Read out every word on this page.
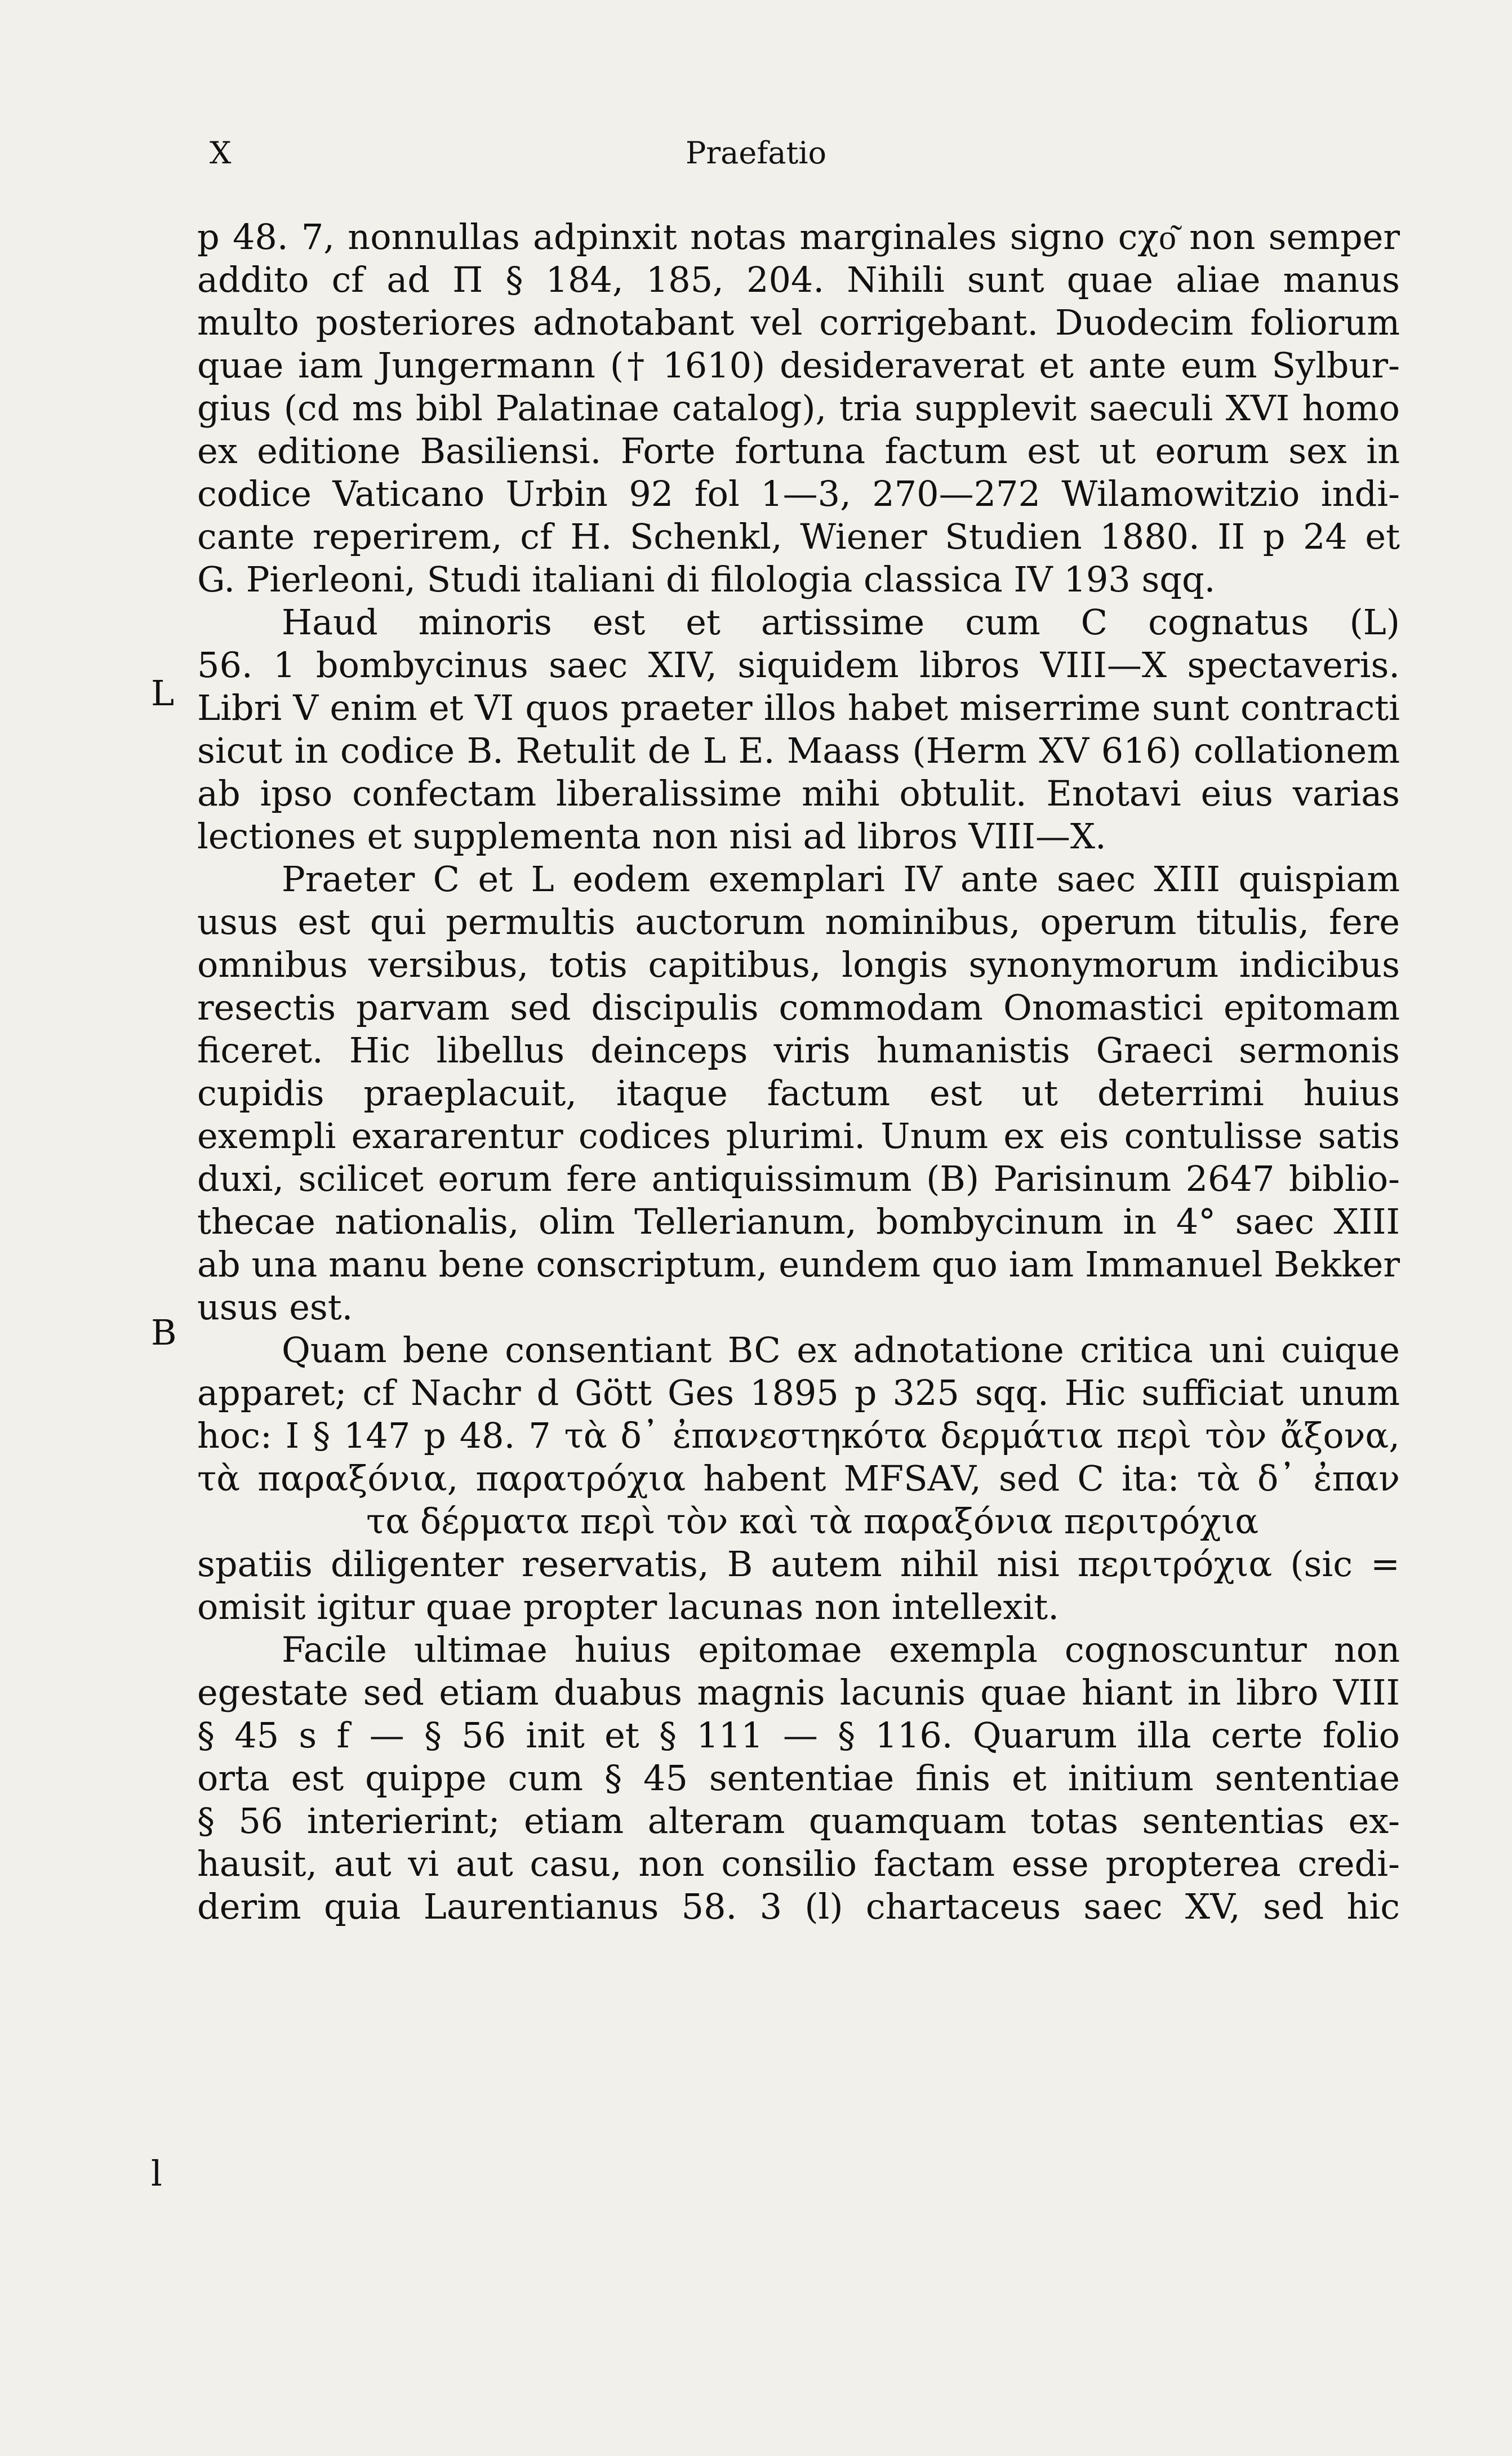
X	Praefatio
L
B
l
p 48. 7, nonnullas adpinxit notas marginales signo cχο͂ non semper
addito cf ad Π § 184, 185, 204. Nihili sunt quae aliae manus
multo posteriores adnotabant vel corrigebant. Duodecim foliorum
quae iam Jungermann († 1610) desideraverat et ante eum Sylbur-
gius (cd ms bibl Palatinae catalog), tria supplevit saeculi XVI homo
ex editione Basiliensi. Forte fortuna factum est ut eorum sex in
codice Vaticano Urbin 92 fol 1—3, 270—272 Wilamowitzio indi-
cante reperirem, cf H. Schenkl, Wiener Studien 1880. II p 24 et
G. Pierleoni, Studi italiani di filologia classica IV 193 sqq.
Haud minoris est et artissime cum C cognatus (L)
56. 1 bombycinus saec XIV, siquidem libros VIII—X spectaveris.
Libri V enim et VI quos praeter illos habet miserrime sunt contracti
sicut in codice B. Retulit de L E. Maass (Herm XV 616) collationem
ab ipso confectam liberalissime mihi obtulit. Enotavi eius varias
lectiones et supplementa non nisi ad libros VIII—X.
Praeter C et L eodem exemplari IV ante saec XIII quispiam
usus est qui permultis auctorum nominibus, operum titulis, fere
omnibus versibus, totis capitibus, longis synonymorum indicibus
resectis parvam sed discipulis commodam Onomastici epitomam
ficeret. Hic libellus deinceps viris humanistis Graeci sermonis
cupidis praeplacuit, itaque factum est ut deterrimi huius
exempli exararentur codices plurimi. Unum ex eis contulisse satis
duxi, scilicet eorum fere antiquissimum (B) Parisinum 2647 biblio-
thecae nationalis, olim Tellerianum, bombycinum in 4° saec XIII
ab una manu bene conscriptum, eundem quo iam Immanuel Bekker
usus est.
Quam bene consentiant BC ex adnotatione critica uni cuique
apparet; cf Nachr d Gött Ges 1895 p 325 sqq. Hic sufficiat unum
hoc: I § 147 p 48. 7 τὰ δ᾽ ἐπανεστηκότα δερμάτια περὶ τὸν ἄξονα,
τὰ παραξόνια, παρατρόχια habent MFSAV, sed C ita: τὰ δ᾽ ἐπαν
τα δέρματα περὶ τὸν καὶ τὰ παραξόνια περιτρόχια
spatiis diligenter reservatis, B autem nihil nisi περιτρόχια (sic =
omisit igitur quae propter lacunas non intellexit.
Facile ultimae huius epitomae exempla cognoscuntur non
egestate sed etiam duabus magnis lacunis quae hiant in libro VIII
§ 45 s f — § 56 init et § 111 — § 116. Quarum illa certe folio
orta est quippe cum § 45 sententiae finis et initium sententiae
§ 56 interierint; etiam alteram quamquam totas sententias ex-
hausit, aut vi aut casu, non consilio factam esse propterea credi-
derim quia Laurentianus 58. 3 (l) chartaceus saec XV, sed hic
